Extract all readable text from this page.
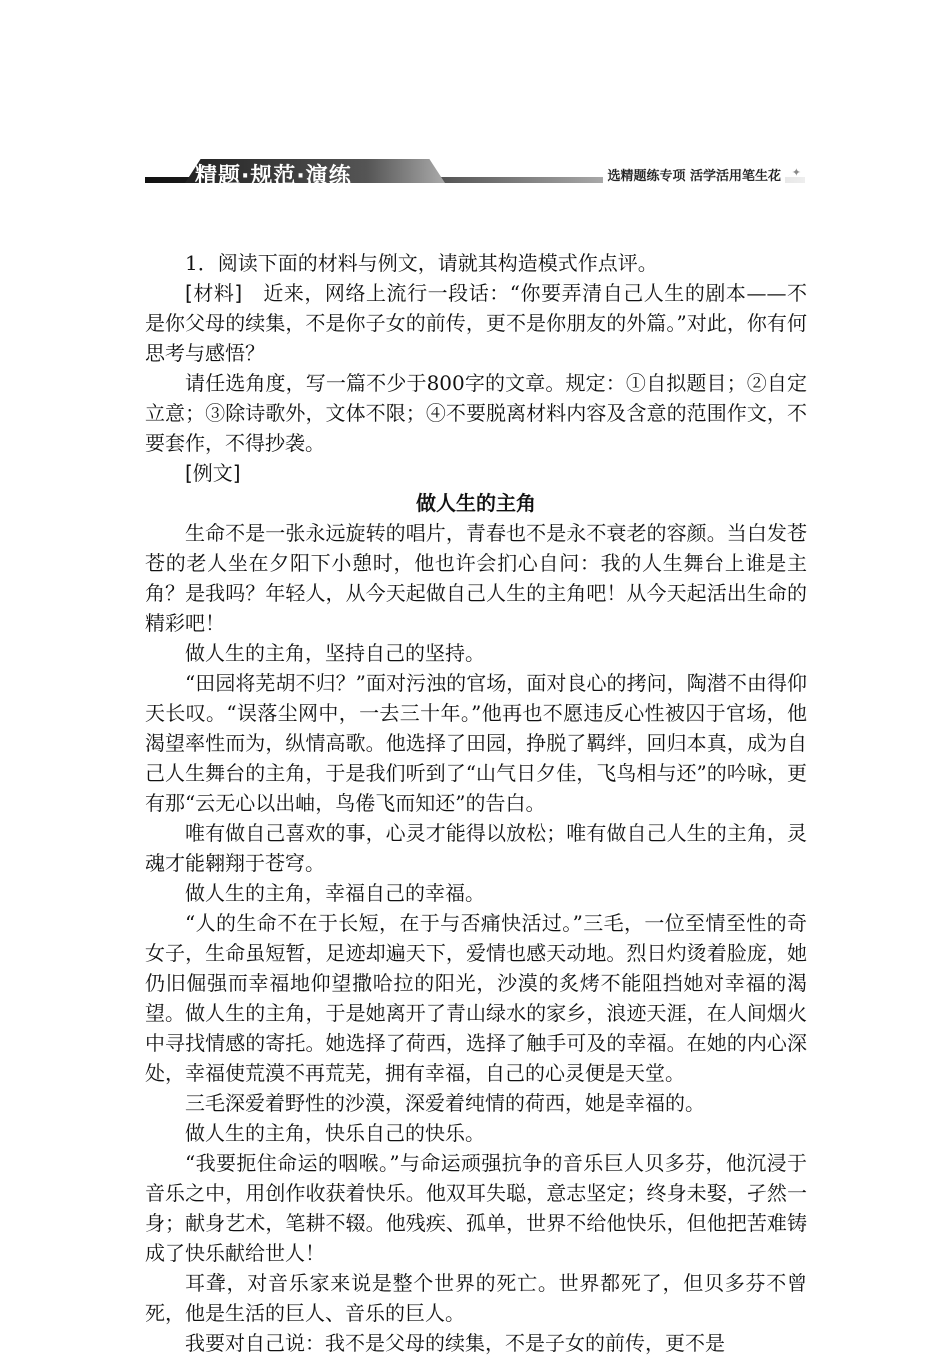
精题·规范·演练	选精题练专项 活学活用笔生花 ✦

1．阅读下面的材料与例文，请就其构造模式作点评。

[材料]　 近来，网络上流行一段话：“你要弄清自己人生的剧本——不是你父母的续集，不是你子女的前传，更不是你朋友的外篇。”对此，你有何思考与感悟？

请任选角度，写一篇不少于800字的文章。规定：①自拟题目；②自定立意；③除诗歌外，文体不限；④不要脱离材料内容及含意的范围作文，不要套作，不得抄袭。

[例文]

做人生的主角

生命不是一张永远旋转的唱片，青春也不是永不衰老的容颜。当白发苍苍的老人坐在夕阳下小憩时，他也许会扪心自问：我的人生舞台上谁是主角？是我吗？年轻人，从今天起做自己人生的主角吧！从今天起活出生命的精彩吧！

做人生的主角，坚持自己的坚持。

“田园将芜胡不归？”面对污浊的官场，面对良心的拷问，陶潜不由得仰天长叹。“误落尘网中，一去三十年。”他再也不愿违反心性被囚于官场，他渴望率性而为，纵情高歌。他选择了田园，挣脱了羁绊，回归本真，成为自己人生舞台的主角，于是我们听到了“山气日夕佳，飞鸟相与还”的吟咏，更有那“云无心以出岫，鸟倦飞而知还”的告白。

唯有做自己喜欢的事，心灵才能得以放松；唯有做自己人生的主角，灵魂才能翱翔于苍穹。

做人生的主角，幸福自己的幸福。

“人的生命不在于长短，在于与否痛快活过。”三毛，一位至情至性的奇女子，生命虽短暂，足迹却遍天下，爱情也感天动地。烈日灼烫着脸庞，她仍旧倔强而幸福地仰望撒哈拉的阳光，沙漠的炙烤不能阻挡她对幸福的渴望。做人生的主角，于是她离开了青山绿水的家乡，浪迹天涯，在人间烟火中寻找情感的寄托。她选择了荷西，选择了触手可及的幸福。在她的内心深处，幸福使荒漠不再荒芜，拥有幸福，自己的心灵便是天堂。

三毛深爱着野性的沙漠，深爱着纯情的荷西，她是幸福的。

做人生的主角，快乐自己的快乐。

“我要扼住命运的咽喉。”与命运顽强抗争的音乐巨人贝多芬，他沉浸于音乐之中，用创作收获着快乐。他双耳失聪，意志坚定；终身未娶，孑然一身；献身艺术，笔耕不辍。他残疾、孤单，世界不给他快乐，但他把苦难铸成了快乐献给世人！

耳聋，对音乐家来说是整个世界的死亡。世界都死了，但贝多芬不曾死，他是生活的巨人、音乐的巨人。

我要对自己说：我不是父母的续集，不是子女的前传，更不是
